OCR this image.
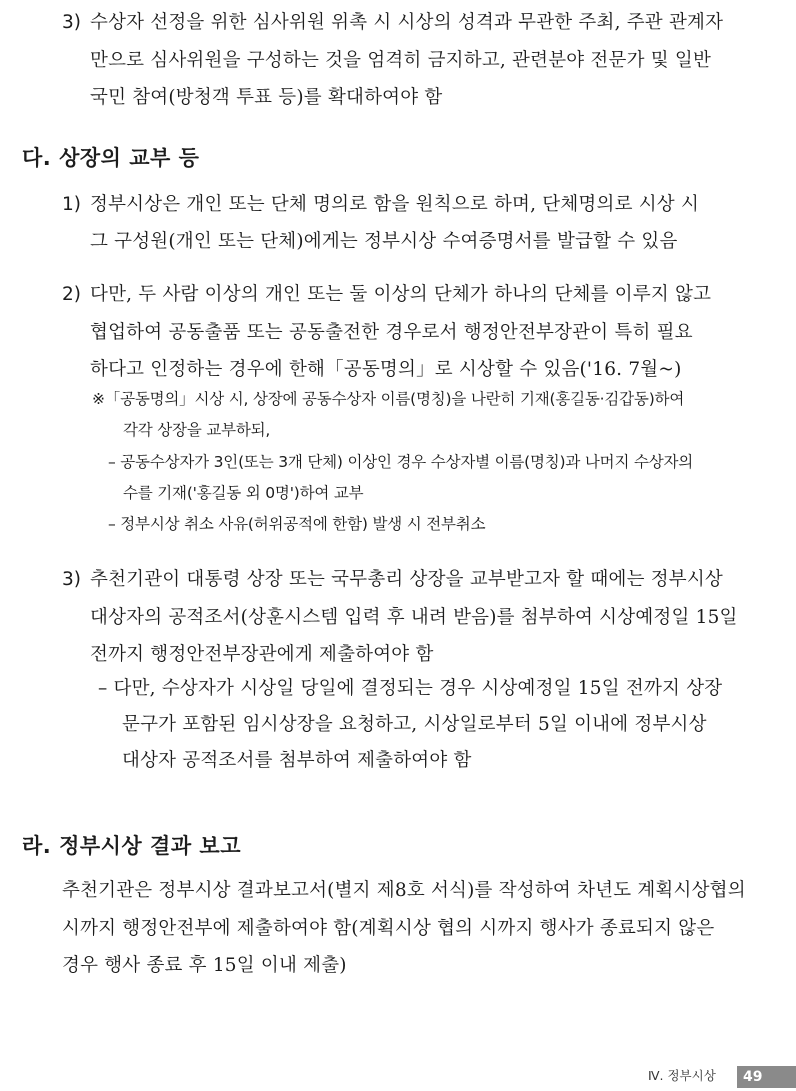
3) 수상자 선정을 위한 심사위원 위촉 시 시상의 성격과 무관한 주최, 주관 관계자
만으로 심사위원을 구성하는 것을 엄격히 금지하고, 관련분야 전문가 및 일반
국민 참여(방청객 투표 등)를 확대하여야 함
다. 상장의 교부 등
1) 정부시상은 개인 또는 단체 명의로 함을 원칙으로 하며, 단체명의로 시상 시
그 구성원(개인 또는 단체)에게는 정부시상 수여증명서를 발급할 수 있음
2) 다만, 두 사람 이상의 개인 또는 둘 이상의 단체가 하나의 단체를 이루지 않고
협업하여 공동출품 또는 공동출전한 경우로서 행정안전부장관이 특히 필요
하다고 인정하는 경우에 한해「공동명의」로 시상할 수 있음('16. 7월~)
※「공동명의」시상 시, 상장에 공동수상자 이름(명칭)을 나란히 기재(홍길동·김갑동)하여
각각 상장을 교부하되,
– 공동수상자가 3인(또는 3개 단체) 이상인 경우 수상자별 이름(명칭)과 나머지 수상자의
수를 기재('홍길동 외 0명')하여 교부
– 정부시상 취소 사유(허위공적에 한함) 발생 시 전부취소
3) 추천기관이 대통령 상장 또는 국무총리 상장을 교부받고자 할 때에는 정부시상
대상자의 공적조서(상훈시스템 입력 후 내려 받음)를 첨부하여 시상예정일 15일
전까지 행정안전부장관에게 제출하여야 함
– 다만, 수상자가 시상일 당일에 결정되는 경우 시상예정일 15일 전까지 상장
문구가 포함된 임시상장을 요청하고, 시상일로부터 5일 이내에 정부시상
대상자 공적조서를 첨부하여 제출하여야 함
라. 정부시상 결과 보고
추천기관은 정부시상 결과보고서(별지 제8호 서식)를 작성하여 차년도 계획시상협의
시까지 행정안전부에 제출하여야 함(계획시상 협의 시까지 행사가 종료되지 않은
경우 행사 종료 후 15일 이내 제출)
Ⅳ. 정부시상	49
